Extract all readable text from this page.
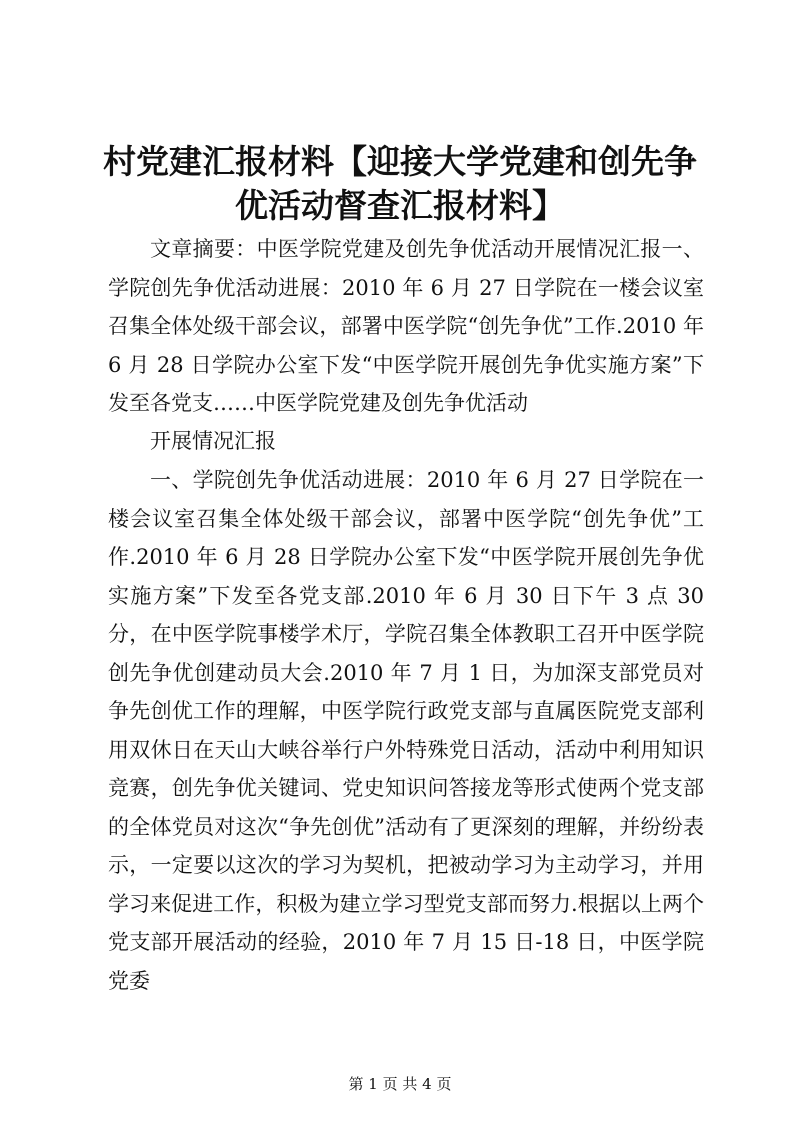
村党建汇报材料【迎接大学党建和创先争优活动督查汇报材料】
文章摘要：中医学院党建及创先争优活动开展情况汇报一、学院创先争优活动进展：2010 年 6 月 27 日学院在一楼会议室召集全体处级干部会议，部署中医学院“创先争优”工作.2010 年 6 月 28 日学院办公室下发“中医学院开展创先争优实施方案”下发至各党支……中医学院党建及创先争优活动
开展情况汇报
一、学院创先争优活动进展：2010 年 6 月 27 日学院在一楼会议室召集全体处级干部会议，部署中医学院“创先争优”工作.2010 年 6 月 28 日学院办公室下发“中医学院开展创先争优实施方案”下发至各党支部.2010 年 6 月 30 日下午 3 点 30 分，在中医学院事楼学术厅，学院召集全体教职工召开中医学院创先争优创建动员大会.2010 年 7 月 1 日，为加深支部党员对争先创优工作的理解，中医学院行政党支部与直属医院党支部利用双休日在天山大峡谷举行户外特殊党日活动，活动中利用知识竞赛，创先争优关键词、党史知识问答接龙等形式使两个党支部的全体党员对这次“争先创优”活动有了更深刻的理解，并纷纷表示，一定要以这次的学习为契机，把被动学习为主动学习，并用学习来促进工作，积极为建立学习型党支部而努力.根据以上两个党支部开展活动的经验，2010 年 7 月 15 日-18 日，中医学院党委
第 1 页 共 4 页
